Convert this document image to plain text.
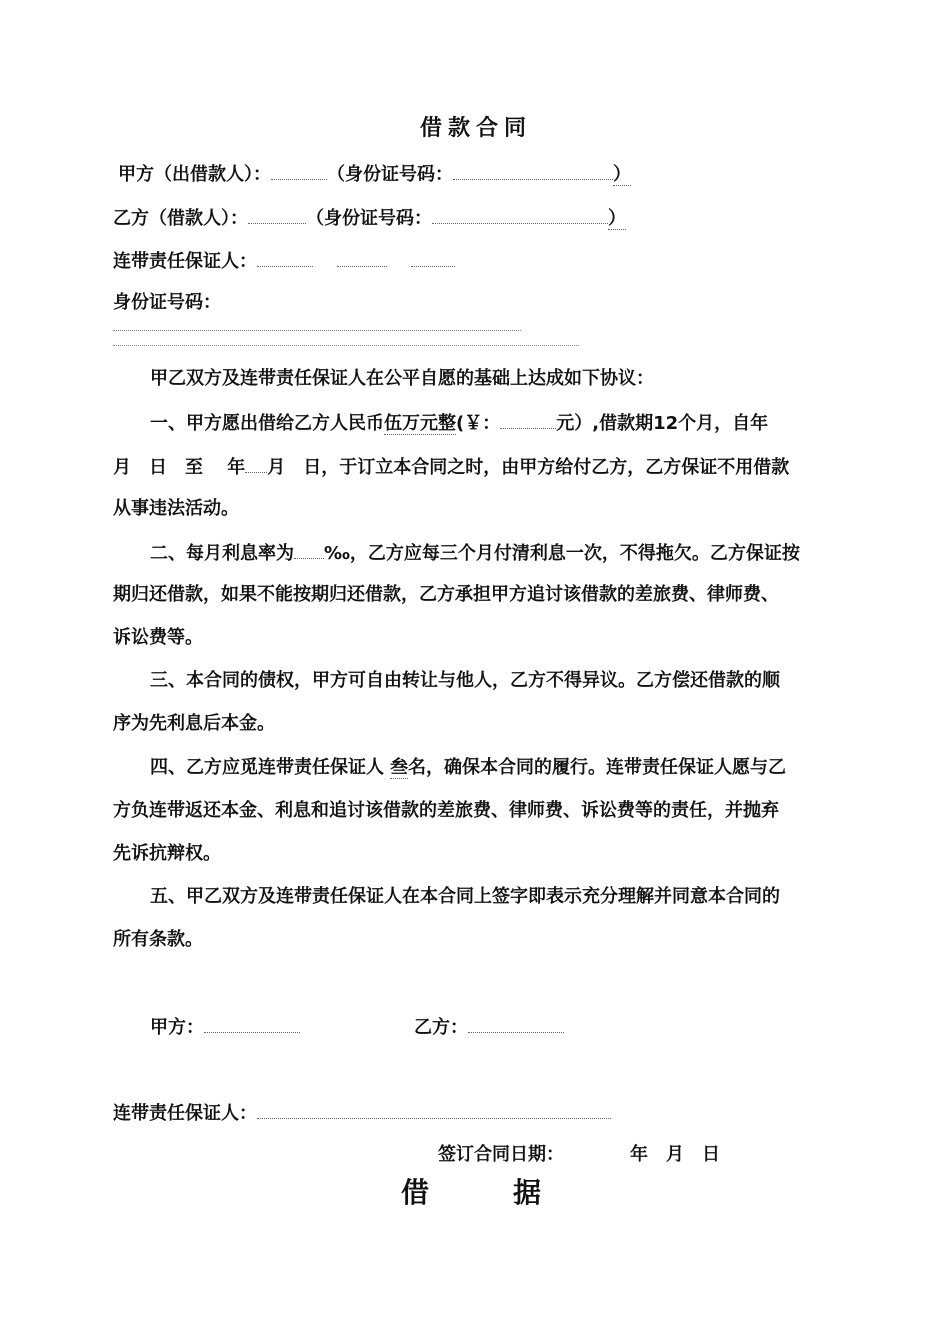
借款合同
甲方（出借款人）：	（身份证号码：	）
乙方（借款人）：	（身份证号码：	）
连带责任保证人：
身份证号码：
甲乙双方及连带责任保证人在公平自愿的基础上达成如下协议：
一、甲方愿出借给乙方人民币伍万元整(￥：	元）,借款期12个月，自年
月　日　至　 年 月　日，于订立本合同之时，由甲方给付乙方，乙方保证不用借款
从事违法活动。
二、每月利息率为 ‰，乙方应每三个月付清利息一次，不得拖欠。乙方保证按
期归还借款，如果不能按期归还借款，乙方承担甲方追讨该借款的差旅费、律师费、
诉讼费等。
三、本合同的债权，甲方可自由转让与他人，乙方不得异议。乙方偿还借款的顺
序为先利息后本金。
四、乙方应觅连带责任保证人 叁名，确保本合同的履行。连带责任保证人愿与乙
方负连带返还本金、利息和追讨该借款的差旅费、律师费、诉讼费等的责任，并抛弃
先诉抗辩权。
五、甲乙双方及连带责任保证人在本合同上签字即表示充分理解并同意本合同的
所有条款。
甲方：	乙方：
连带责任保证人：
签订合同日期：	年　月　日
借　　　据
